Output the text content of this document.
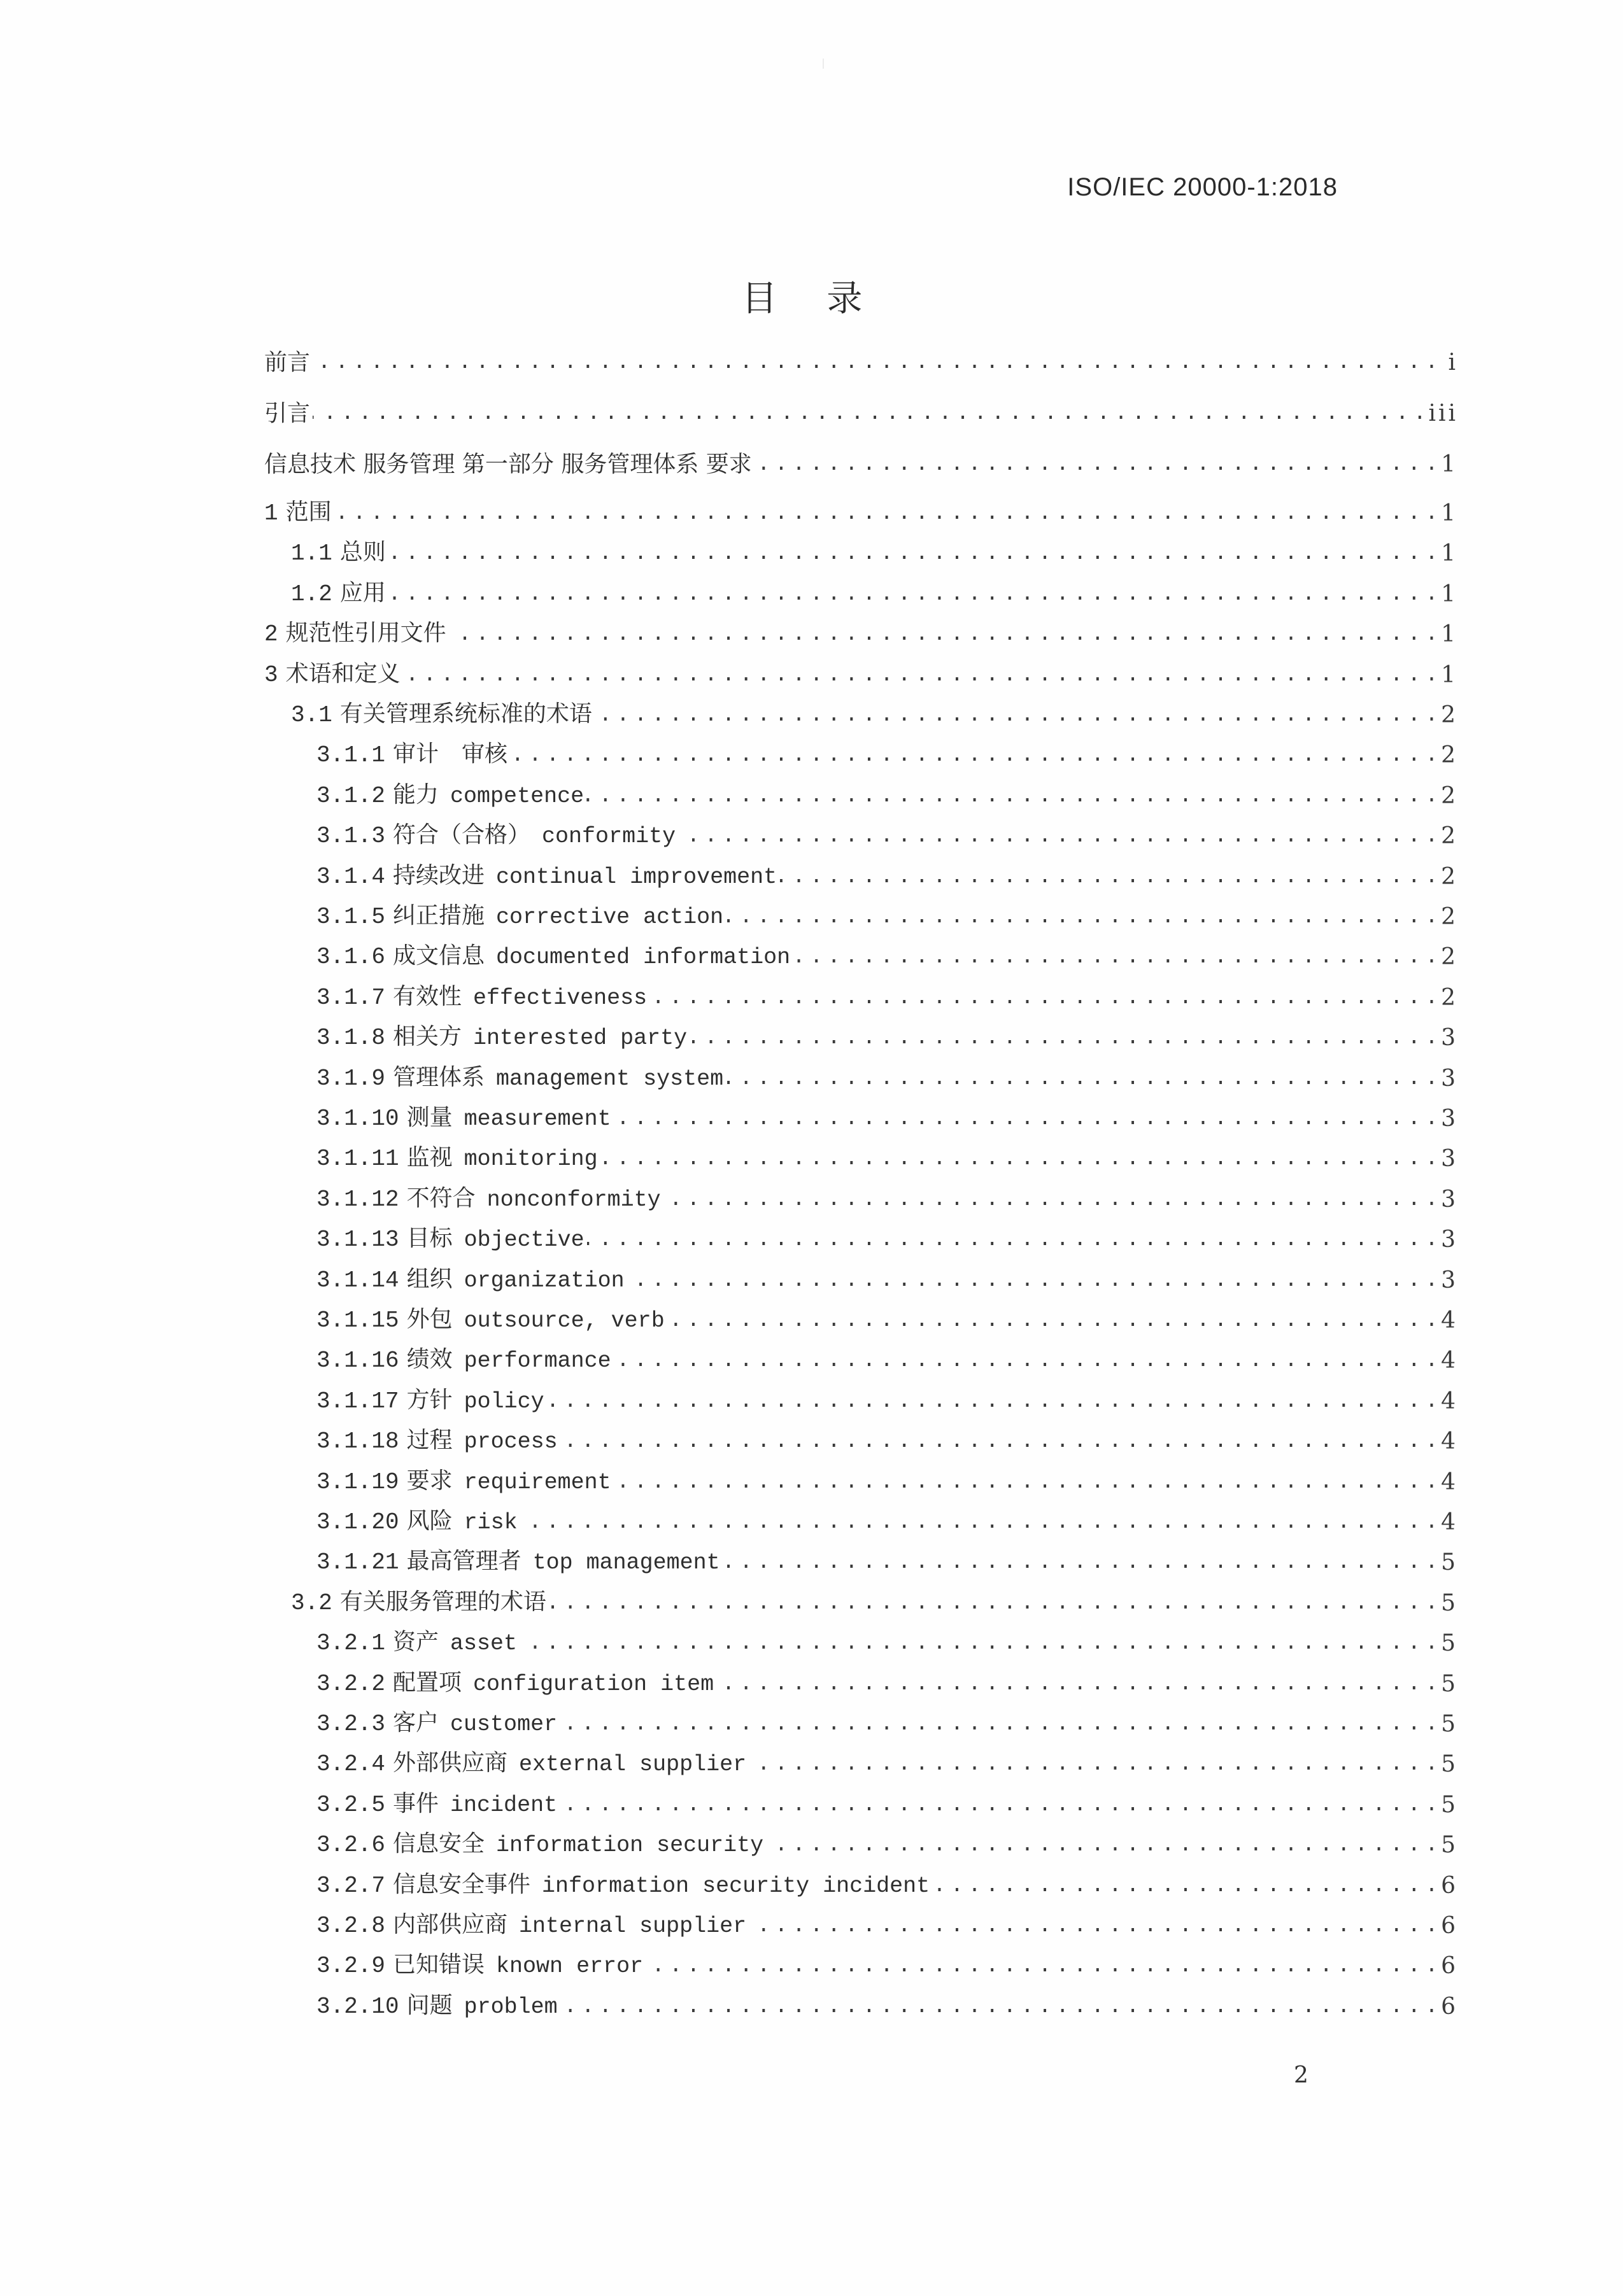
ISO/IEC 20000-1:2018
目 录
前言 . . .	i
引言 . . .	iii
信息技术 服务管理 第一部分 服务管理体系 要求 . . .	1
1 范围 . . .	1
1.1 总则 . . .	1
1.2 应用 . . .	1
2 规范性引用文件 . . .	1
3 术语和定义 . . .	1
3.1 有关管理系统标准的术语 . . .	2
3.1.1 审计　审核 . . .	2
3.1.2 能力 competence . . .	2
3.1.3 符合（合格） conformity . . .	2
3.1.4 持续改进 continual improvement . . .	2
3.1.5 纠正措施 corrective action . . .	2
3.1.6 成文信息 documented information . . .	2
3.1.7 有效性 effectiveness . . .	2
3.1.8 相关方 interested party . . .	3
3.1.9 管理体系 management system . . .	3
3.1.10 测量 measurement . . .	3
3.1.11 监视 monitoring . . .	3
3.1.12 不符合 nonconformity . . .	3
3.1.13 目标 objective . . .	3
3.1.14 组织 organization . . .	3
3.1.15 外包 outsource, verb . . .	4
3.1.16 绩效 performance . . .	4
3.1.17 方针 policy . . .	4
3.1.18 过程 process . . .	4
3.1.19 要求 requirement . . .	4
3.1.20 风险 risk . . .	4
3.1.21 最高管理者 top management . . .	5
3.2 有关服务管理的术语 . . .	5
3.2.1 资产 asset . . .	5
3.2.2 配置项 configuration item . . .	5
3.2.3 客户 customer . . .	5
3.2.4 外部供应商 external supplier . . .	5
3.2.5 事件 incident . . .	5
3.2.6 信息安全 information security . . .	5
3.2.7 信息安全事件 information security incident . . .	6
3.2.8 内部供应商 internal supplier . . .	6
3.2.9 已知错误 known error . . .	6
3.2.10 问题 problem . . .	6
2
